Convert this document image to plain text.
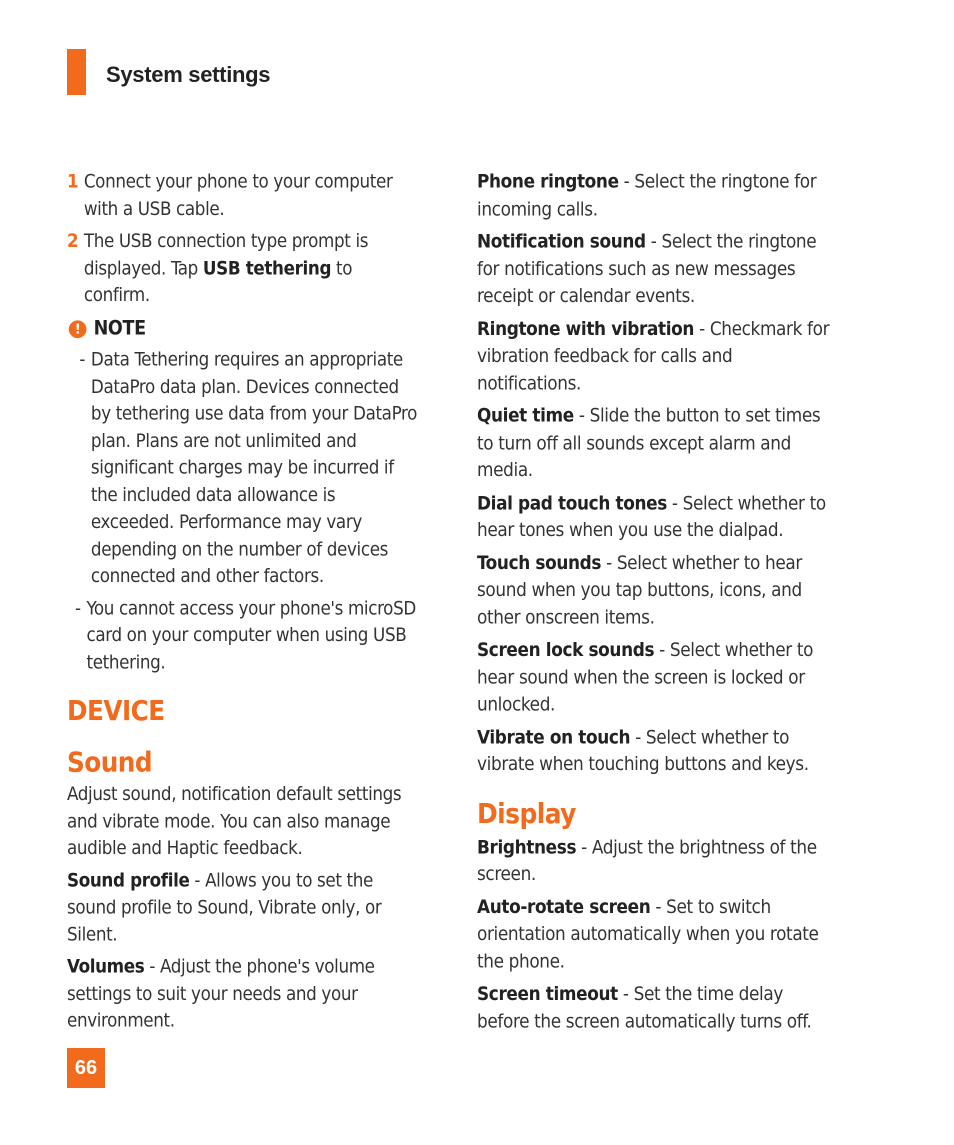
System settings
1 Connect your phone to your computer with a USB cable.
2 The USB connection type prompt is displayed. Tap USB tethering to confirm.
! NOTE
- Data Tethering requires an appropriate DataPro data plan. Devices connected by tethering use data from your DataPro plan. Plans are not unlimited and significant charges may be incurred if the included data allowance is exceeded. Performance may vary depending on the number of devices connected and other factors.
- You cannot access your phone's microSD card on your computer when using USB tethering.
DEVICE
Sound
Adjust sound, notification default settings and vibrate mode. You can also manage audible and Haptic feedback.
Sound profile - Allows you to set the sound profile to Sound, Vibrate only, or Silent.
Volumes - Adjust the phone's volume settings to suit your needs and your environment.
Phone ringtone - Select the ringtone for incoming calls.
Notification sound - Select the ringtone for notifications such as new messages receipt or calendar events.
Ringtone with vibration - Checkmark for vibration feedback for calls and notifications.
Quiet time - Slide the button to set times to turn off all sounds except alarm and media.
Dial pad touch tones - Select whether to hear tones when you use the dialpad.
Touch sounds - Select whether to hear sound when you tap buttons, icons, and other onscreen items.
Screen lock sounds - Select whether to hear sound when the screen is locked or unlocked.
Vibrate on touch - Select whether to vibrate when touching buttons and keys.
Display
Brightness - Adjust the brightness of the screen.
Auto-rotate screen - Set to switch orientation automatically when you rotate the phone.
Screen timeout - Set the time delay before the screen automatically turns off.
66
